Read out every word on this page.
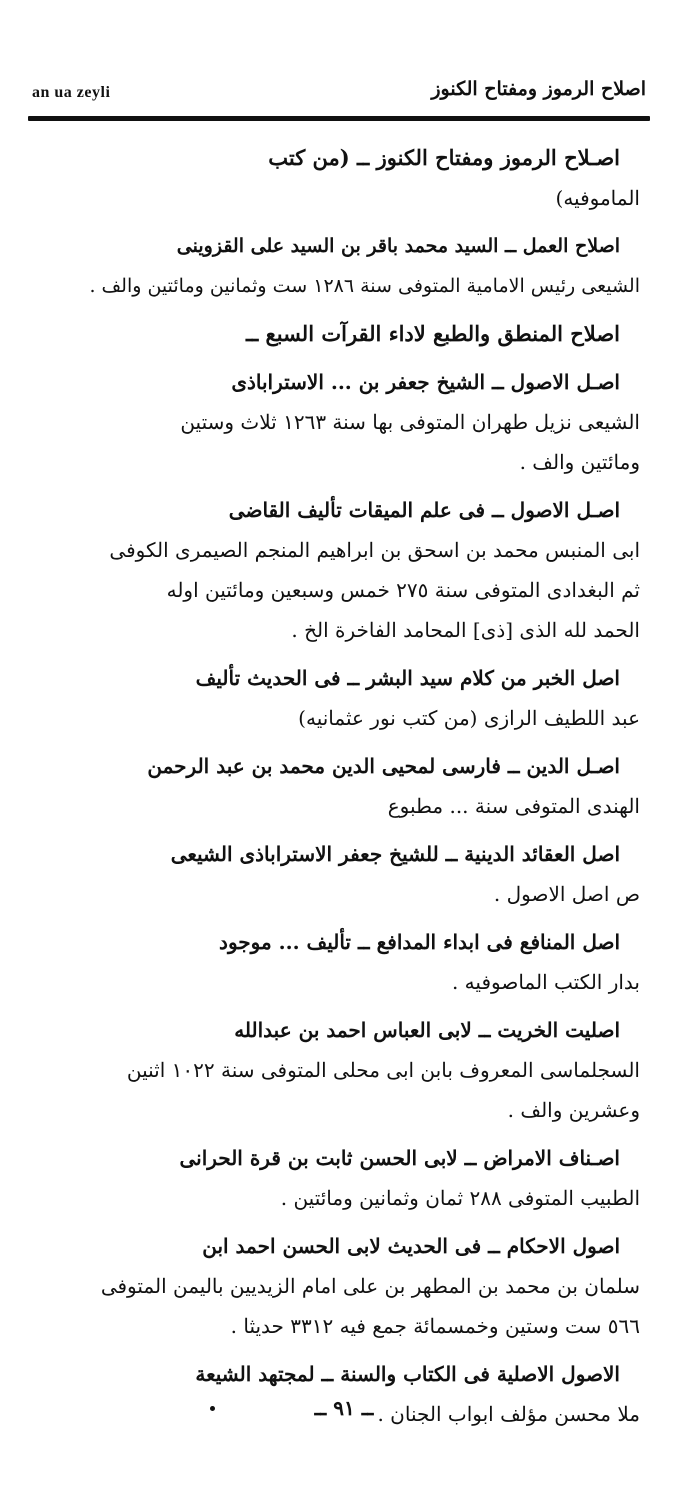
an ua zeyli	اصلاح الرموز ومفتاح الكنوز
اصـلاح الرموز ومفتاح الكنوز ــ (من كتب
الماموفيه)
اصلاح العمل ــ السيد محمد باقر بن السيد على القزوينى
الشيعى رئيس الامامية المتوفى سنة ١٢٨٦ ست وثمانين ومائتين والف .
اصلاح المنطق والطبع لاداء القرآت السبع ــ
اصـل الاصول ــ الشيخ جعفر بن ... الاستراباذى
الشيعى نزيل طهران المتوفى بها سنة ١٢٦٣ ثلاث وستين
ومائتين والف .
اصـل الاصول ــ فى علم الميقات تأليف القاضى
ابى المنبس محمد بن اسحق بن ابراهيم المنجم الصيمرى الكوفى
ثم البغدادى المتوفى سنة ٢٧٥ خمس وسبعين ومائتين اوله
الحمد لله الذى [ذى] المحامد الفاخرة الخ .
اصل الخبر من كلام سيد البشر ــ فى الحديث تأليف
عبد اللطيف الرازى (من كتب نور عثمانيه)
اصـل الدين ــ فارسى لمحيى الدين محمد بن عبد الرحمن
الهندى المتوفى سنة ... مطبوع
اصل العقائد الدينية ــ للشيخ جعفر الاستراباذى الشيعى
ص اصل الاصول .
اصل المنافع فى ابداء المدافع ــ تأليف ... موجود
بدار الكتب الماصوفيه .
اصليت الخريت ــ لابى العباس احمد بن عبدالله
السجلماسى المعروف بابن ابى محلى المتوفى سنة ١٠٢٢ اثنين
وعشرين والف .
اصـناف الامراض ــ لابى الحسن ثابت بن قرة الحرانى
الطبيب المتوفى ٢٨٨ ثمان وثمانين ومائتين .
اصول الاحكام ــ فى الحديث لابى الحسن احمد ابن
سلمان بن محمد بن المطهر بن على امام الزيديين باليمن المتوفى
٥٦٦ ست وستين وخمسمائة جمع فيه ٣٣١٢ حديثا .
الاصول الاصلية فى الكتاب والسنة ــ لمجتهد الشيعة
ملا محسن مؤلف ابواب الجنان .
ــ ٩١ ــ
